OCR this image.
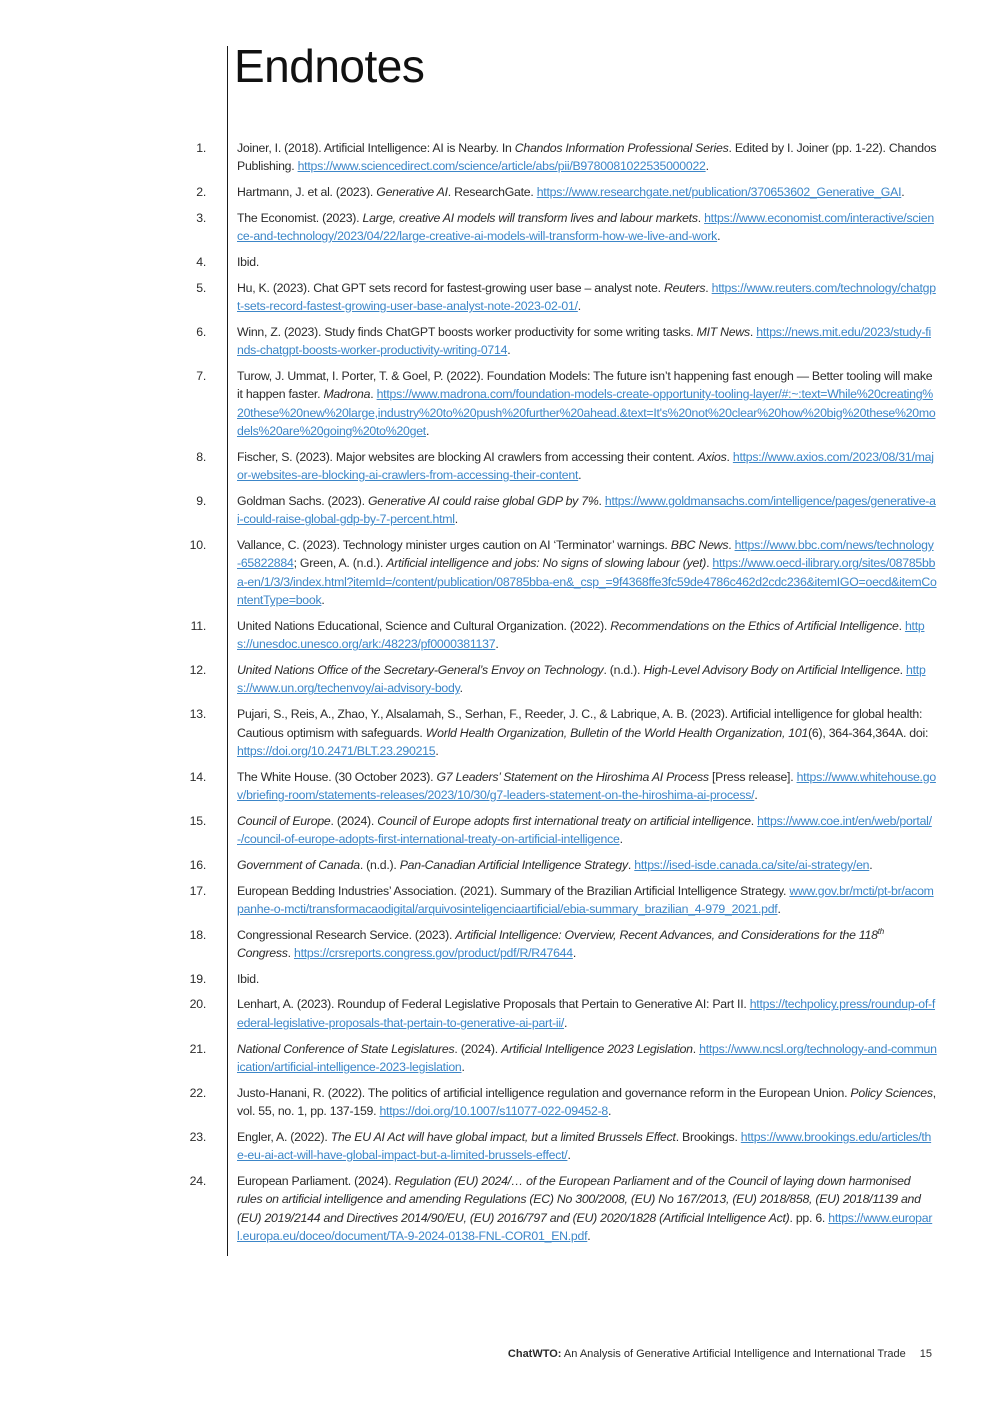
Endnotes
1.	Joiner, I. (2018). Artificial Intelligence: AI is Nearby. In Chandos Information Professional Series. Edited by I. Joiner (pp. 1-22). Chandos Publishing. https://www.sciencedirect.com/science/article/abs/pii/B9780081022535000022.
2.	Hartmann, J. et al. (2023). Generative AI. ResearchGate. https://www.researchgate.net/publication/370653602_Generative_GAI.
3.	The Economist. (2023). Large, creative AI models will transform lives and labour markets. https://www.economist.com/interactive/science-and-technology/2023/04/22/large-creative-ai-models-will-transform-how-we-live-and-work.
4.	Ibid.
5.	Hu, K. (2023). Chat GPT sets record for fastest-growing user base – analyst note. Reuters. https://www.reuters.com/technology/chatgpt-sets-record-fastest-growing-user-base-analyst-note-2023-02-01/.
6.	Winn, Z. (2023). Study finds ChatGPT boosts worker productivity for some writing tasks. MIT News. https://news.mit.edu/2023/study-finds-chatgpt-boosts-worker-productivity-writing-0714.
7.	Turow, J. Ummat, I. Porter, T. & Goel, P. (2022). Foundation Models: The future isn’t happening fast enough — Better tooling will make it happen faster. Madrona. https://www.madrona.com/foundation-models-create-opportunity-tooling-layer/#:~:text=While%20creating%20these%20new%20large,industry%20to%20push%20further%20ahead.&text=It's%20not%20clear%20how%20big%20these%20models%20are%20going%20to%20get.
8.	Fischer, S. (2023). Major websites are blocking AI crawlers from accessing their content. Axios. https://www.axios.com/2023/08/31/major-websites-are-blocking-ai-crawlers-from-accessing-their-content.
9.	Goldman Sachs. (2023). Generative AI could raise global GDP by 7%. https://www.goldmansachs.com/intelligence/pages/generative-ai-could-raise-global-gdp-by-7-percent.html.
10.	Vallance, C. (2023). Technology minister urges caution on AI ‘Terminator’ warnings. BBC News. https://www.bbc.com/news/technology-65822884; Green, A. (n.d.). Artificial intelligence and jobs: No signs of slowing labour (yet). https://www.oecd-ilibrary.org/sites/08785bba-en/1/3/3/index.html?itemId=/content/publication/08785bba-en&_csp_=9f4368ffe3fc59de4786c462d2cdc236&itemIGO=oecd&itemContentType=book.
11.	United Nations Educational, Science and Cultural Organization. (2022). Recommendations on the Ethics of Artificial Intelligence. https://unesdoc.unesco.org/ark:/48223/pf0000381137.
12.	United Nations Office of the Secretary-General’s Envoy on Technology. (n.d.). High-Level Advisory Body on Artificial Intelligence. https://www.un.org/techenvoy/ai-advisory-body.
13.	Pujari, S., Reis, A., Zhao, Y., Alsalamah, S., Serhan, F., Reeder, J. C., & Labrique, A. B. (2023). Artificial intelligence for global health: Cautious optimism with safeguards. World Health Organization, Bulletin of the World Health Organization, 101(6), 364-364,364A. doi: https://doi.org/10.2471/BLT.23.290215.
14.	The White House. (30 October 2023). G7 Leaders’ Statement on the Hiroshima AI Process [Press release]. https://www.whitehouse.gov/briefing-room/statements-releases/2023/10/30/g7-leaders-statement-on-the-hiroshima-ai-process/.
15.	Council of Europe. (2024). Council of Europe adopts first international treaty on artificial intelligence. https://www.coe.int/en/web/portal/-/council-of-europe-adopts-first-international-treaty-on-artificial-intelligence.
16.	Government of Canada. (n.d.). Pan-Canadian Artificial Intelligence Strategy. https://ised-isde.canada.ca/site/ai-strategy/en.
17.	European Bedding Industries’ Association. (2021). Summary of the Brazilian Artificial Intelligence Strategy. www.gov.br/mcti/pt-br/acompanhe-o-mcti/transformacaodigital/arquivosinteligenciaartificial/ebia-summary_brazilian_4-979_2021.pdf.
18.	Congressional Research Service. (2023). Artificial Intelligence: Overview, Recent Advances, and Considerations for the 118th Congress. https://crsreports.congress.gov/product/pdf/R/R47644.
19.	Ibid.
20.	Lenhart, A. (2023). Roundup of Federal Legislative Proposals that Pertain to Generative AI: Part II. https://techpolicy.press/roundup-of-federal-legislative-proposals-that-pertain-to-generative-ai-part-ii/.
21.	National Conference of State Legislatures. (2024). Artificial Intelligence 2023 Legislation. https://www.ncsl.org/technology-and-communication/artificial-intelligence-2023-legislation.
22.	Justo-Hanani, R. (2022). The politics of artificial intelligence regulation and governance reform in the European Union. Policy Sciences, vol. 55, no. 1, pp. 137-159. https://doi.org/10.1007/s11077-022-09452-8.
23.	Engler, A. (2022). The EU AI Act will have global impact, but a limited Brussels Effect. Brookings. https://www.brookings.edu/articles/the-eu-ai-act-will-have-global-impact-but-a-limited-brussels-effect/.
24.	European Parliament. (2024). Regulation (EU) 2024/… of the European Parliament and of the Council of laying down harmonised rules on artificial intelligence and amending Regulations (EC) No 300/2008, (EU) No 167/2013, (EU) 2018/858, (EU) 2018/1139 and (EU) 2019/2144 and Directives 2014/90/EU, (EU) 2016/797 and (EU) 2020/1828 (Artificial Intelligence Act). pp. 6. https://www.europarl.europa.eu/doceo/document/TA-9-2024-0138-FNL-COR01_EN.pdf.
ChatWTO: An Analysis of Generative Artificial Intelligence and International Trade 15
